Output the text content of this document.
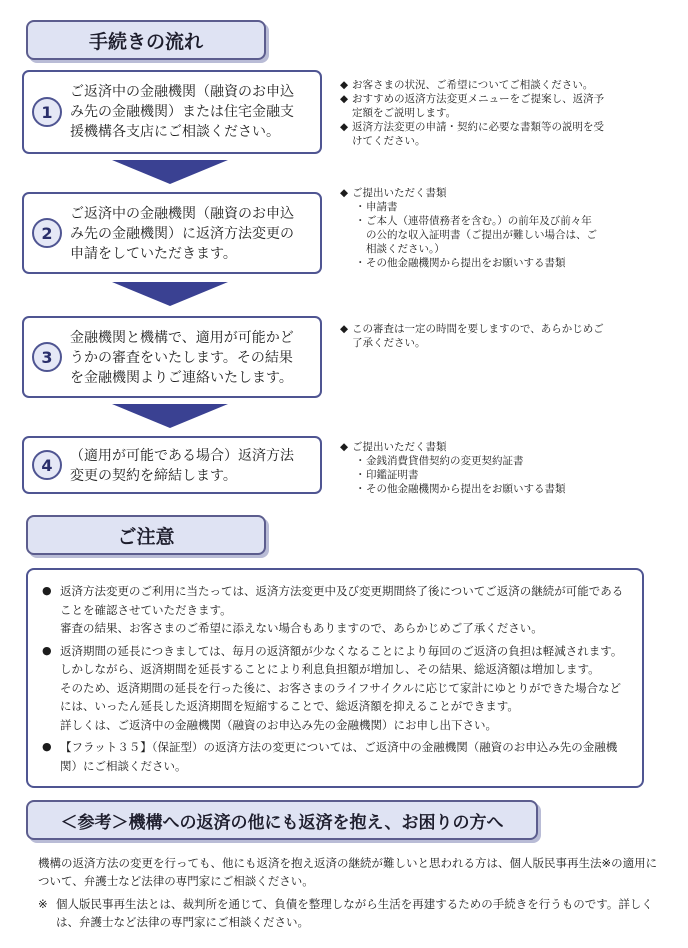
手続きの流れ
1
ご返済中の金融機関（融資のお申込
み先の金融機関）または住宅金融支
援機構各支店にご相談ください。
2
ご返済中の金融機関（融資のお申込
み先の金融機関）に返済方法変更の
申請をしていただきます。
3
金融機関と機構で、適用が可能かど
うかの審査をいたします。その結果
を金融機関よりご連絡いたします。
4 （適用が可能である場合）返済方法
変更の契約を締結します。
◆ お客さまの状況、ご希望についてご相談ください。
◆ おすすめの返済方法変更メニューをご提案し、返済予
定額をご説明します。
◆ 返済方法変更の申請・契約に必要な書類等の説明を受
けてください。
◆ ご提出いただく書類
・ 申請書
・ ご本人（連帯債務者を含む。）の前年及び前々年
の公的な収入証明書（ご提出が難しい場合は、ご
相談ください。）
・ その他金融機関から提出をお願いする書類
◆ この審査は一定の時間を要しますので、あらかじめご
了承ください。
◆ ご提出いただく書類
・ 金銭消費貸借契約の変更契約証書
・ 印鑑証明書
・ その他金融機関から提出をお願いする書類
ご注意
● 返済方法変更のご利用に当たっては、返済方法変更中及び変更期間終了後についてご返済の継続が可能であることを確認させていただきます。
審査の結果、お客さまのご希望に添えない場合もありますので、あらかじめご了承ください。
● 返済期間の延長につきましては、毎月の返済額が少なくなることにより毎回のご返済の負担は軽減されます。
しかしながら、返済期間を延長することにより利息負担額が増加し、その結果、総返済額は増加します。
そのため、返済期間の延長を行った後に、お客さまのライフサイクルに応じて家計にゆとりができた場合などには、いったん延長した返済期間を短縮することで、総返済額を抑えることができます。
詳しくは、ご返済中の金融機関（融資のお申込み先の金融機関）にお申し出下さい。
● 【フラット３５】（保証型）の返済方法の変更については、ご返済中の金融機関（融資のお申込み先の金融機関）にご相談ください。
＜参考＞機構への返済の他にも返済を抱え、お困りの方へ
機構の返済方法の変更を行っても、他にも返済を抱え返済の継続が難しいと思われる方は、個人版民事再生法※の適用について、弁護士など法律の専門家にご相談ください。
※ 個人版民事再生法とは、裁判所を通じて、負債を整理しながら生活を再建するための手続きを行うものです。詳しくは、弁護士など法律の専門家にご相談ください。
